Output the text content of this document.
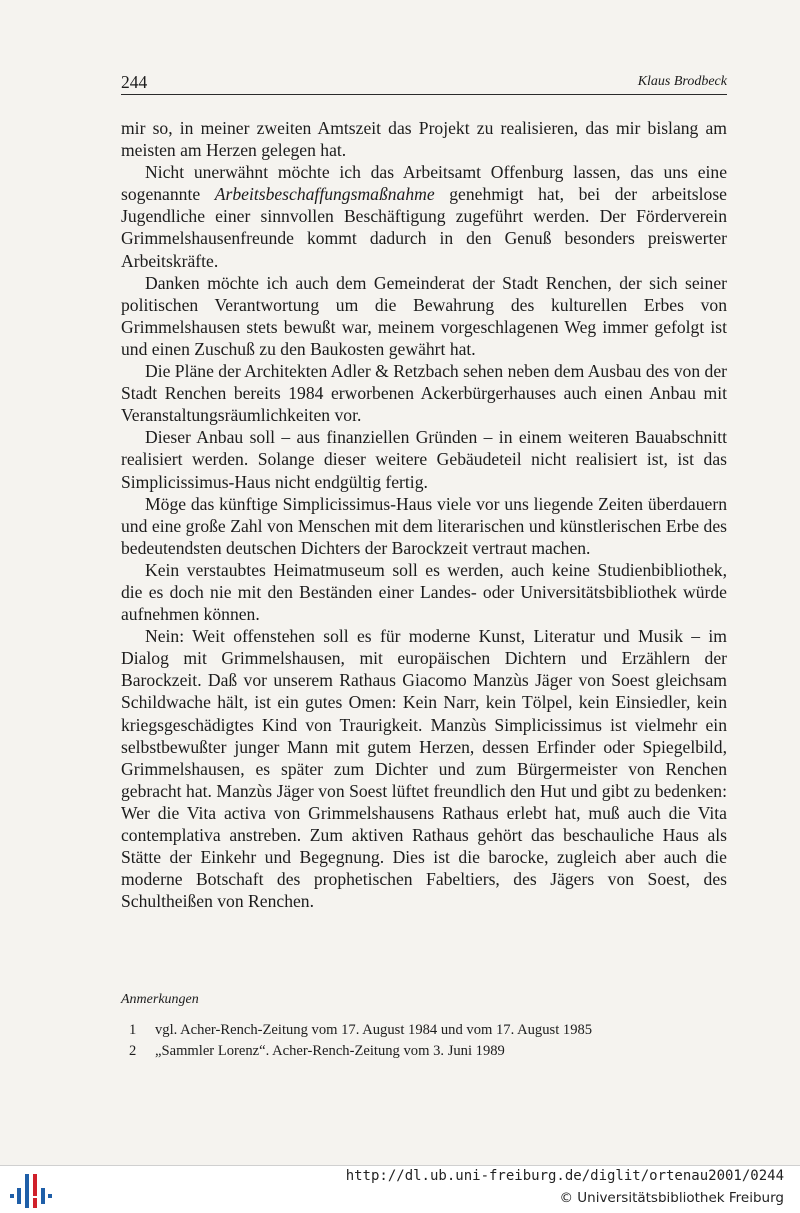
244	Klaus Brodbeck

mir so, in meiner zweiten Amtszeit das Projekt zu realisieren, das mir bislang am meisten am Herzen gelegen hat.

Nicht unerwähnt möchte ich das Arbeitsamt Offenburg lassen, das uns eine sogenannte Arbeitsbeschaffungsmaßnahme genehmigt hat, bei der arbeitslose Jugendliche einer sinnvollen Beschäftigung zugeführt werden. Der Förderverein Grimmelshausenfreunde kommt dadurch in den Genuß besonders preiswerter Arbeitskräfte.

Danken möchte ich auch dem Gemeinderat der Stadt Renchen, der sich seiner politischen Verantwortung um die Bewahrung des kulturellen Erbes von Grimmelshausen stets bewußt war, meinem vorgeschlagenen Weg immer gefolgt ist und einen Zuschuß zu den Baukosten gewährt hat.

Die Pläne der Architekten Adler & Retzbach sehen neben dem Ausbau des von der Stadt Renchen bereits 1984 erworbenen Ackerbürgerhauses auch einen Anbau mit Veranstaltungsräumlichkeiten vor.

Dieser Anbau soll – aus finanziellen Gründen – in einem weiteren Bauabschnitt realisiert werden. Solange dieser weitere Gebäudeteil nicht realisiert ist, ist das Simplicissimus-Haus nicht endgültig fertig.

Möge das künftige Simplicissimus-Haus viele vor uns liegende Zeiten überdauern und eine große Zahl von Menschen mit dem literarischen und künstlerischen Erbe des bedeutendsten deutschen Dichters der Barockzeit vertraut machen.

Kein verstaubtes Heimatmuseum soll es werden, auch keine Studienbibliothek, die es doch nie mit den Beständen einer Landes- oder Universitätsbibliothek würde aufnehmen können.

Nein: Weit offenstehen soll es für moderne Kunst, Literatur und Musik – im Dialog mit Grimmelshausen, mit europäischen Dichtern und Erzählern der Barockzeit. Daß vor unserem Rathaus Giacomo Manzùs Jäger von Soest gleichsam Schildwache hält, ist ein gutes Omen: Kein Narr, kein Tölpel, kein Einsiedler, kein kriegsgeschädigtes Kind von Traurigkeit. Manzùs Simplicissimus ist vielmehr ein selbstbewußter junger Mann mit gutem Herzen, dessen Erfinder oder Spiegelbild, Grimmelshausen, es später zum Dichter und zum Bürgermeister von Renchen gebracht hat. Manzùs Jäger von Soest lüftet freundlich den Hut und gibt zu bedenken: Wer die Vita activa von Grimmelshausens Rathaus erlebt hat, muß auch die Vita contemplativa anstreben. Zum aktiven Rathaus gehört das beschauliche Haus als Stätte der Einkehr und Begegnung. Dies ist die barocke, zugleich aber auch die moderne Botschaft des prophetischen Fabeltiers, des Jägers von Soest, des Schultheißen von Renchen.

Anmerkungen
1	vgl. Acher-Rench-Zeitung vom 17. August 1984 und vom 17. August 1985
2	„Sammler Lorenz“. Acher-Rench-Zeitung vom 3. Juni 1989
http://dl.ub.uni-freiburg.de/diglit/ortenau2001/0244
© Universitätsbibliothek Freiburg
